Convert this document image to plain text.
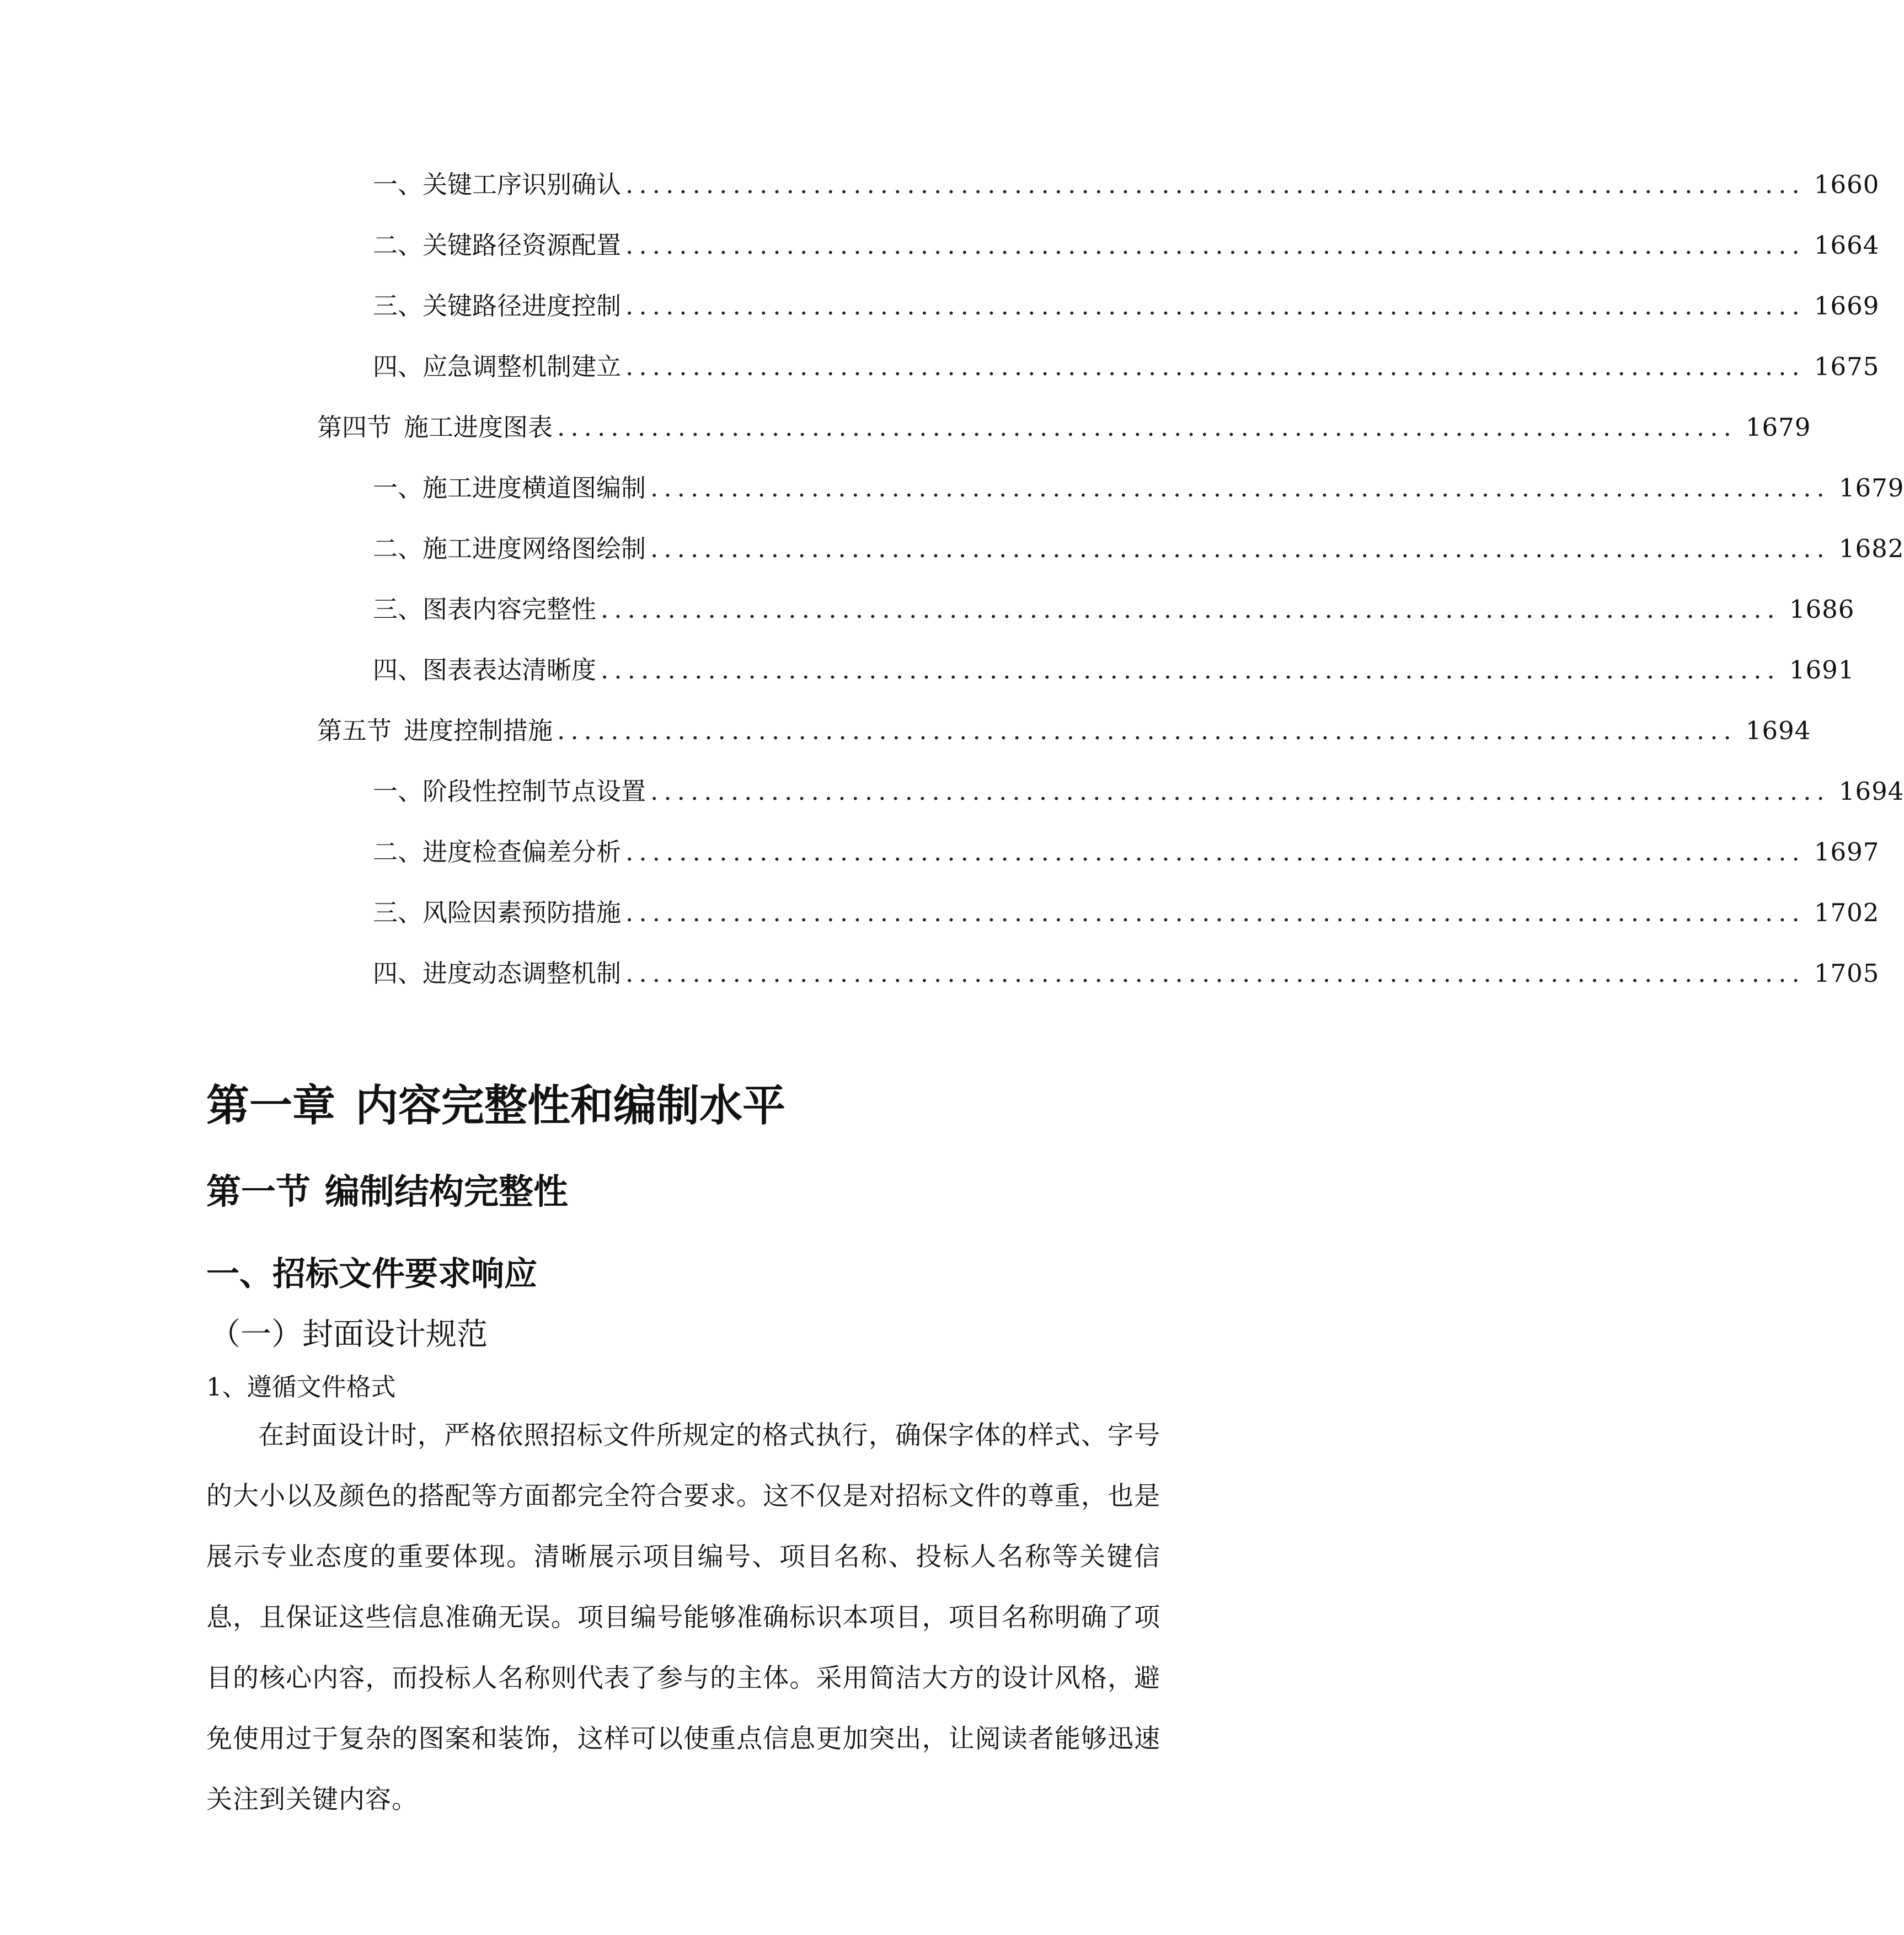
一、 关键工序识别确认 ........................................................................................ 1660
二、 关键路径资源配置 ........................................................................................ 1664
三、 关键路径进度控制 ........................................................................................ 1669
四、 应急调整机制建立 ........................................................................................ 1675
第四节 施工进度图表 ........................................................................................ 1679
一、 施工进度横道图编制 ........................................................................................ 1679
二、 施工进度网络图绘制 ........................................................................................ 1682
三、 图表内容完整性 ........................................................................................ 1686
四、 图表表达清晰度 ........................................................................................ 1691
第五节 进度控制措施 ........................................................................................ 1694
一、 阶段性控制节点设置 ........................................................................................ 1694
二、 进度检查偏差分析 ........................................................................................ 1697
三、 风险因素预防措施 ........................................................................................ 1702
四、 进度动态调整机制 ........................................................................................ 1705
第一章 内容完整性和编制水平
第一节 编制结构完整性
一、招标文件要求响应
（一）封面设计规范
1、遵循文件格式
在封面设计时，严格依照招标文件所规定的格式执行，确保字体的样式、字号的大小以及颜色的搭配等方面都完全符合要求。这不仅是对招标文件的尊重，也是展示专业态度的重要体现。清晰展示项目编号、项目名称、投标人名称等关键信息，且保证这些信息准确无误。项目编号能够准确标识本项目，项目名称明确了项目的核心内容，而投标人名称则代表了参与的主体。采用简洁大方的设计风格，避免使用过于复杂的图案和装饰，这样可以使重点信息更加突出，让阅读者能够迅速关注到关键内容。
